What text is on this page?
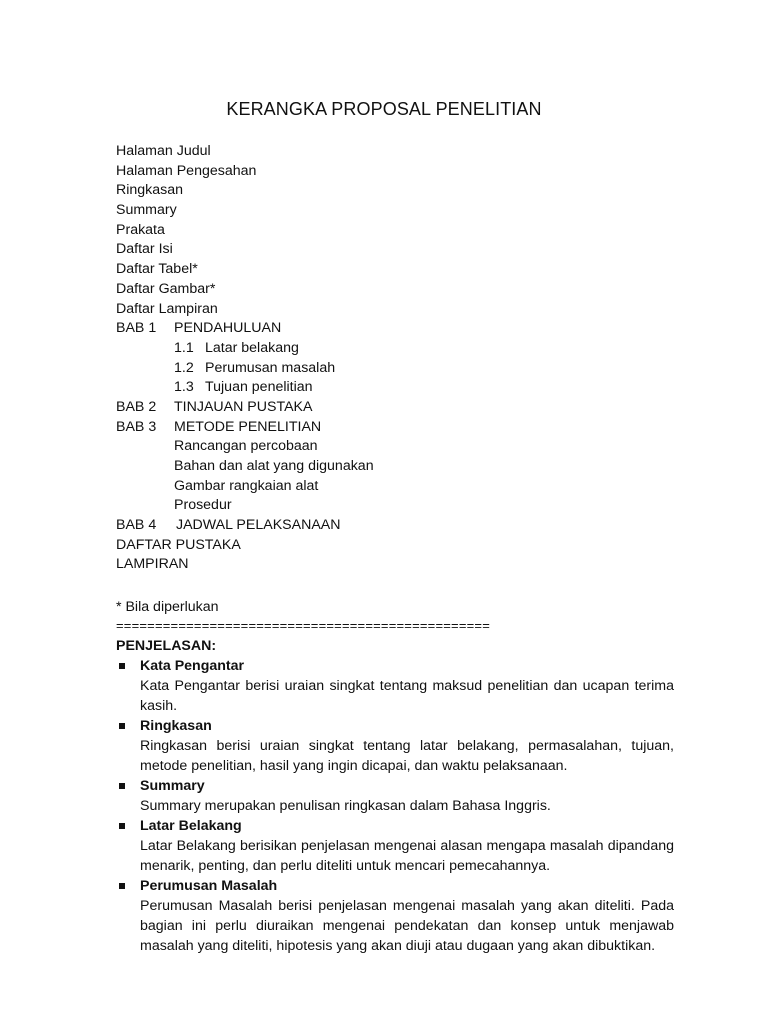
KERANGKA PROPOSAL PENELITIAN
Halaman Judul
Halaman Pengesahan
Ringkasan
Summary
Prakata
Daftar Isi
Daftar Tabel*
Daftar Gambar*
Daftar Lampiran
BAB 1 PENDAHULUAN
1.1 Latar belakang
1.2 Perumusan masalah
1.3 Tujuan penelitian
BAB 2 TINJAUAN PUSTAKA
BAB 3 METODE PENELITIAN
Rancangan percobaan
Bahan dan alat yang digunakan
Gambar rangkaian alat
Prosedur
BAB 4 JADWAL PELAKSANAAN
DAFTAR PUSTAKA
LAMPIRAN
* Bila diperlukan
================================================
PENJELASAN:
Kata Pengantar
Kata Pengantar berisi uraian singkat tentang maksud penelitian dan ucapan terima kasih.
Ringkasan
Ringkasan berisi uraian singkat tentang latar belakang, permasalahan, tujuan, metode penelitian, hasil yang ingin dicapai, dan waktu pelaksanaan.
Summary
Summary merupakan penulisan ringkasan dalam Bahasa Inggris.
Latar Belakang
Latar Belakang berisikan penjelasan mengenai alasan mengapa masalah dipandang menarik, penting, dan perlu diteliti untuk mencari pemecahannya.
Perumusan Masalah
Perumusan Masalah berisi penjelasan mengenai masalah yang akan diteliti. Pada bagian ini perlu diuraikan mengenai pendekatan dan konsep untuk menjawab masalah yang diteliti, hipotesis yang akan diuji atau dugaan yang akan dibuktikan.
